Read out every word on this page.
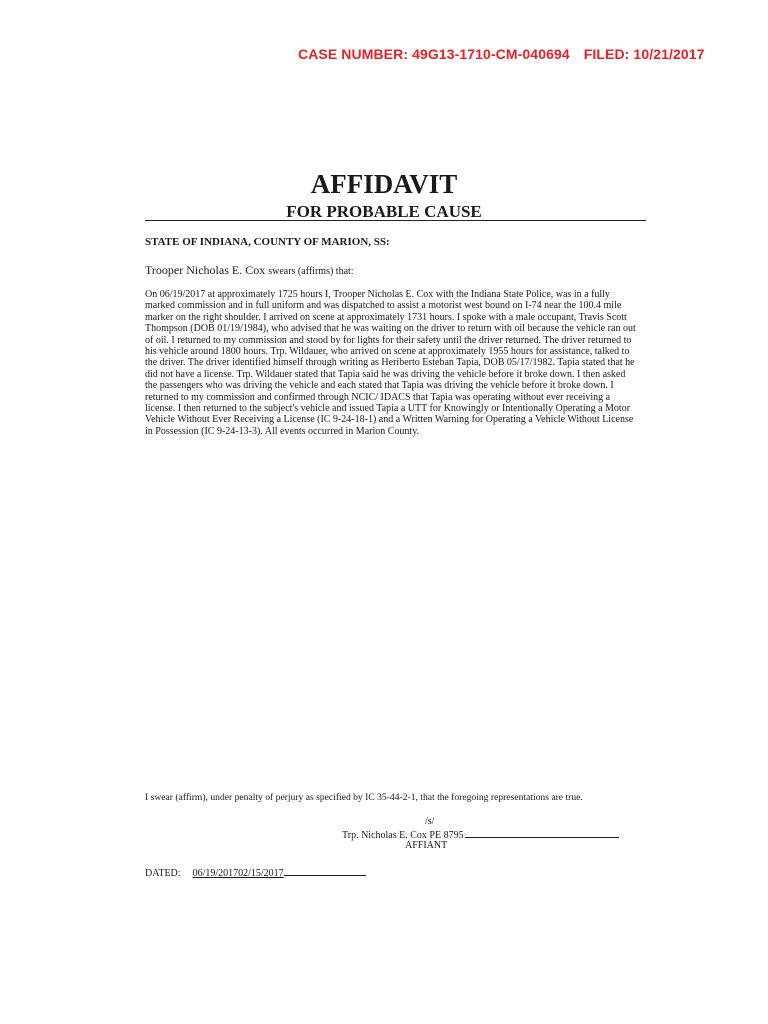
CASE NUMBER: 49G13-1710-CM-040694 FILED: 10/21/2017
AFFIDAVIT
FOR PROBABLE CAUSE
STATE OF INDIANA, COUNTY OF MARION, SS:
Trooper Nicholas E. Cox swears (affirms) that:
On 06/19/2017 at approximately 1725 hours I, Trooper Nicholas E. Cox with the Indiana State Police, was in a fully marked commission and in full uniform and was dispatched to assist a motorist west bound on I-74 near the 100.4 mile marker on the right shoulder. I arrived on scene at approximately 1731 hours. I spoke with a male occupant, Travis Scott Thompson (DOB 01/19/1984), who advised that he was waiting on the driver to return with oil because the vehicle ran out of oil. I returned to my commission and stood by for lights for their safety until the driver returned. The driver returned to his vehicle around 1800 hours. Trp. Wildauer, who arrived on scene at approximately 1955 hours for assistance, talked to the driver. The driver identified himself through writing as Heriberto Esteban Tapia, DOB 05/17/1982. Tapia stated that he did not have a license. Trp. Wildauer stated that Tapia said he was driving the vehicle before it broke down. I then asked the passengers who was driving the vehicle and each stated that Tapia was driving the vehicle before it broke down. I returned to my commission and confirmed through NCIC/ IDACS that Tapia was operating without ever receiving a license. I then returned to the subject's vehicle and issued Tapia a UTT for Knowingly or Intentionally Operating a Motor Vehicle Without Ever Receiving a License (IC 9-24-18-1) and a Written Warning for Operating a Vehicle Without License in Possession (IC 9-24-13-3). All events occurred in Marion County.
I swear (affirm), under penalty of perjury as specified by IC 35-44-2-1, that the foregoing representations are true.
/s/
Trp. Nicholas E. Cox PE 8795
AFFIANT
DATED: 06/19/201702/15/2017
